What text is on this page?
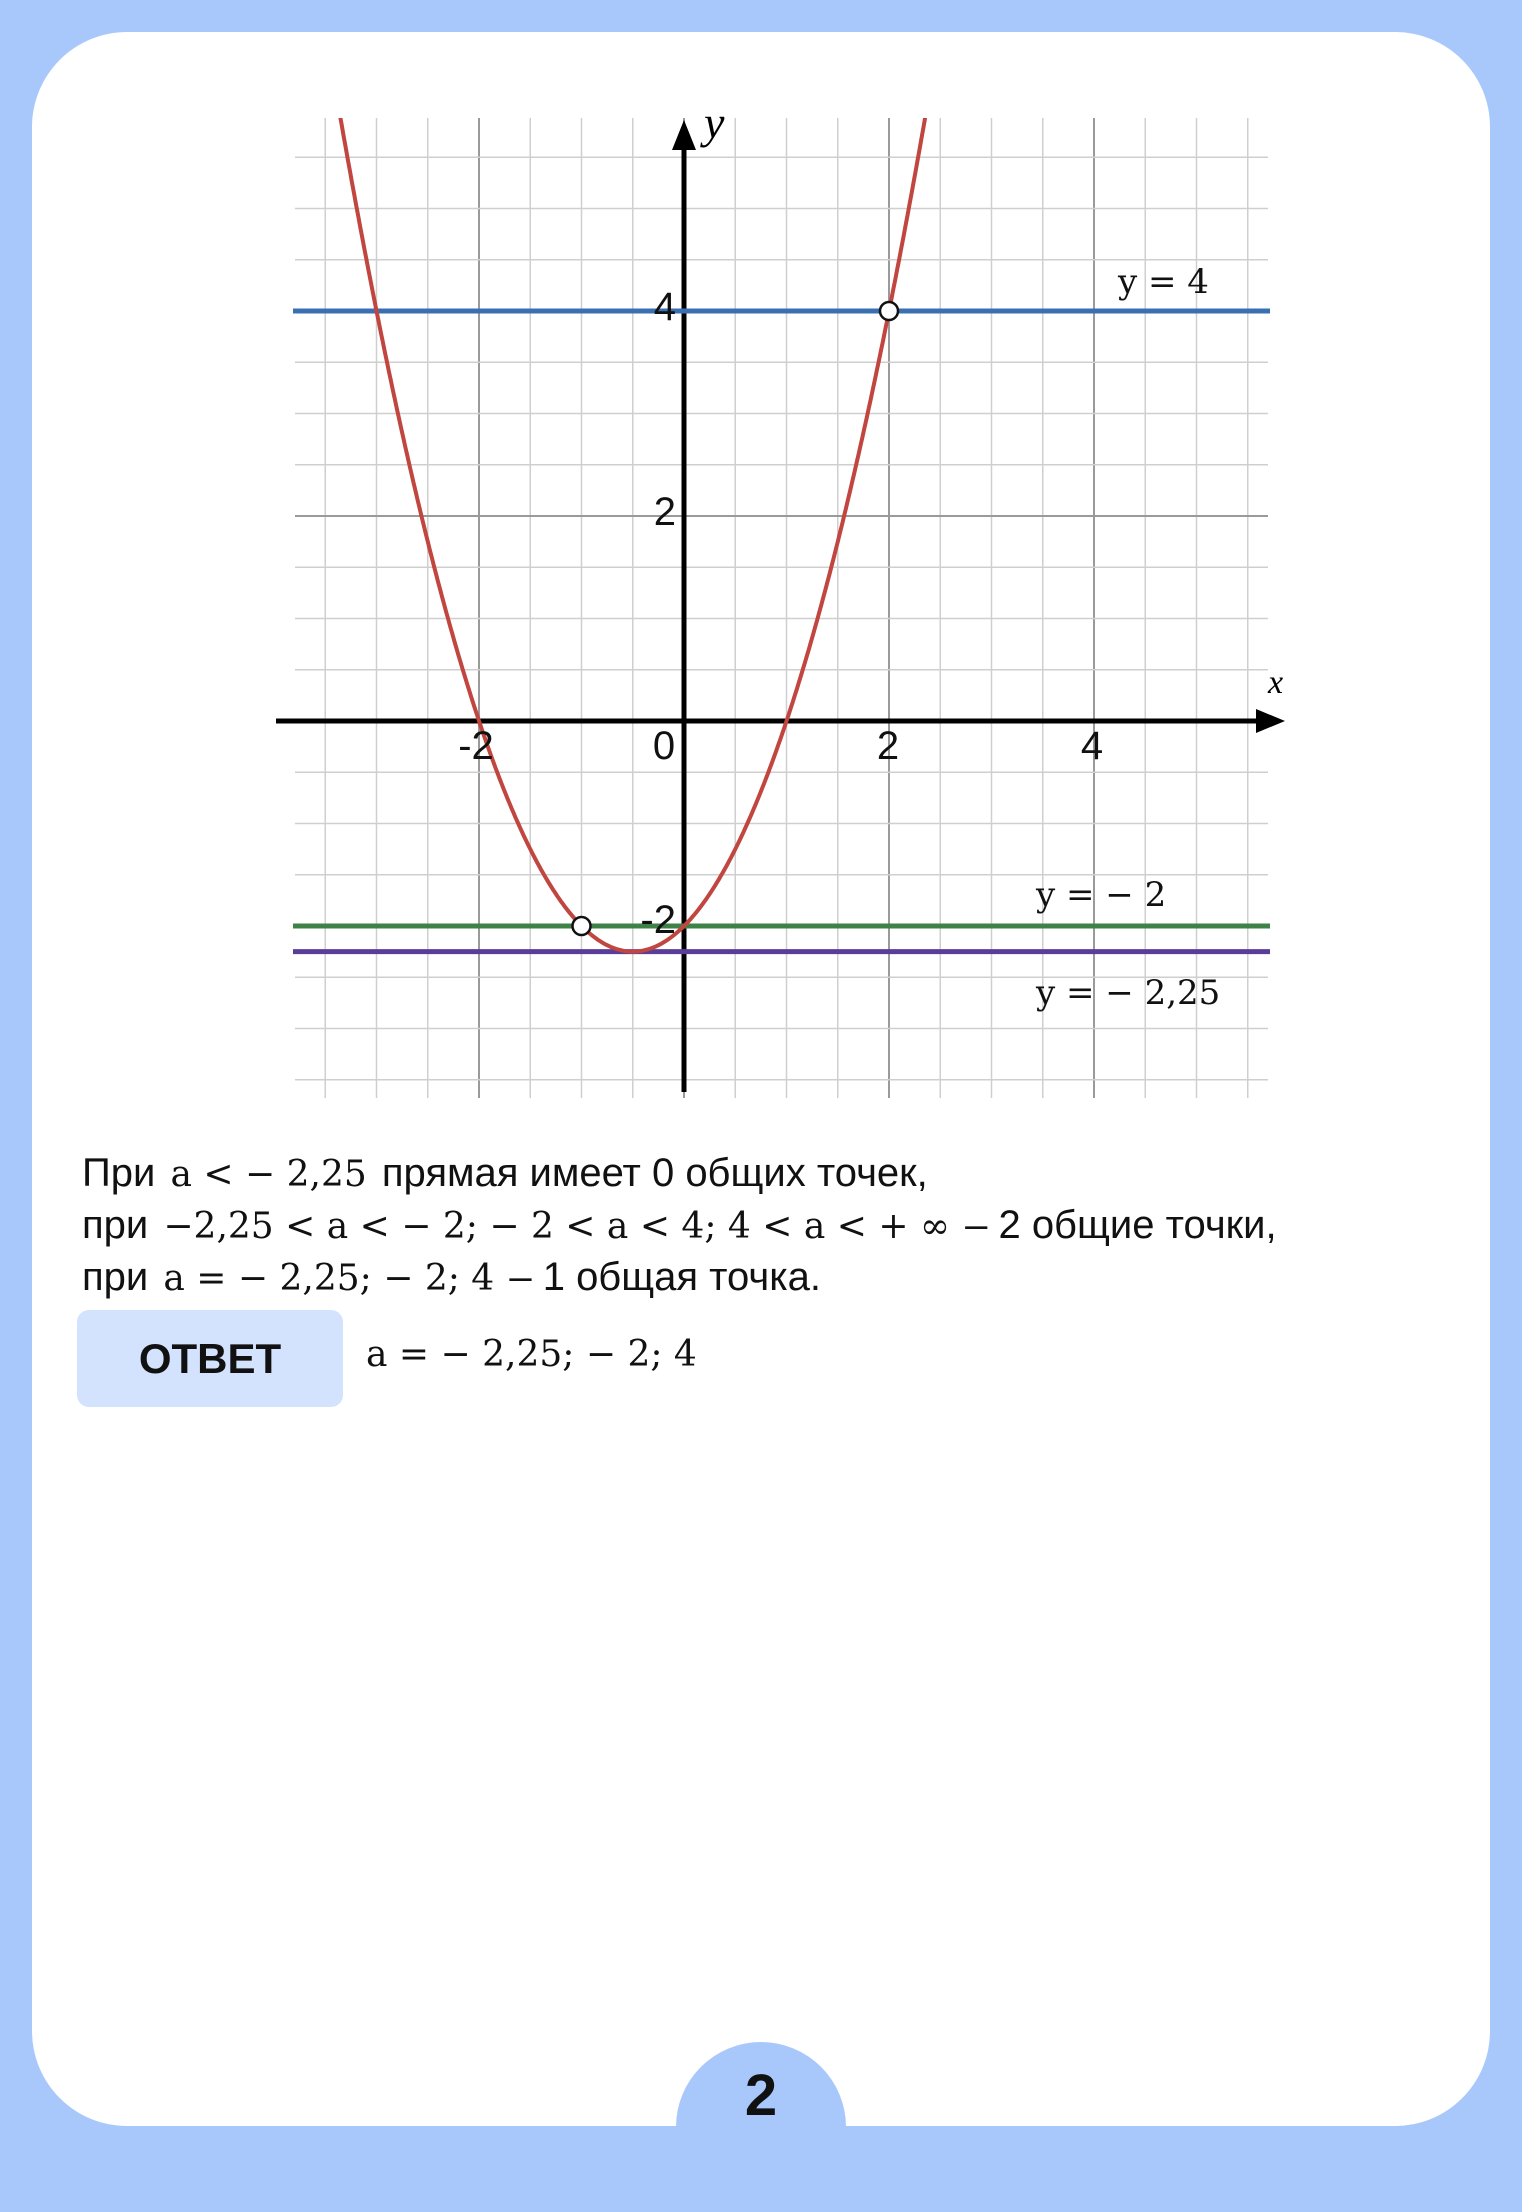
x
y
-2	0	2	4
4
2
-2
y = 4
y = − 2
y = − 2,25
При a < − 2,25 прямая имеет 0 общих точек,
при −2,25 < a < − 2; − 2 < a < 4; 4 < a < + ∞ – 2 общие точки,
при a = − 2,25; − 2; 4 – 1 общая точка.
ОТВЕТ a = − 2,25; − 2; 4
2
